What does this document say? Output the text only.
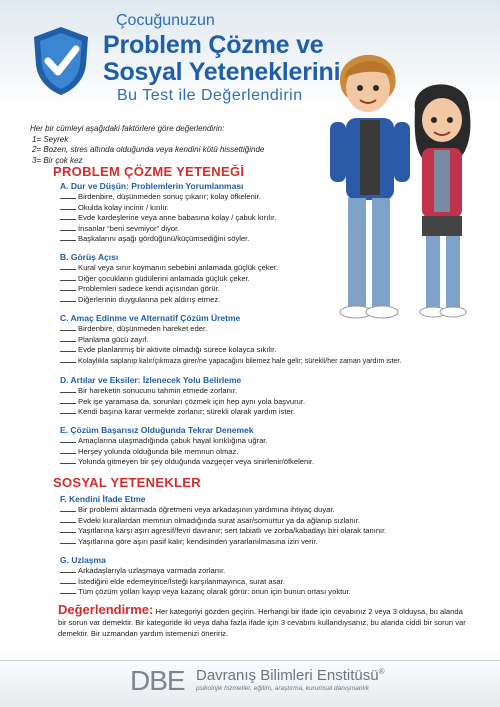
Çocuğunuzun
Problem Çözme ve
Sosyal Yeteneklerini
Bu Test ile Değerlendirin
Her bir cümleyi aşağıdaki faktörlere göre değerlendirin:
1= Seyrek
2= Bozen, stres altında olduğunda veya kendini kötü hissettiğinde
3= Bir çok kez
PROBLEM ÇÖZME YETENEĞİ
A. Dur ve Düşün: Problemlerin Yorumlanması
Birdenbire, düşünmeden sonuç çıkarır; kolay öfkelenir.
Okulda kolay incinir / kırılır.
Evde kardeşlerine veya anne babasına kolay / çabuk kırılır.
İnsanlar “beni sevmiyor” diyor.
Başkalarını aşağı gördüğünü/küçümsediğini söyler.
B. Görüş Açısı
Kural veya sınır koymanın sebebini anlamada güçlük çeker.
Diğer çocukların güdülerini anlamada güçlük çeker.
Problemleri sadece kendi açısından görür.
Diğerlerinin duygularına pek aldırış etmez.
C. Amaç Edinme ve Alternatif Çözüm Üretme
Birdenbire, düşünmeden hareket eder.
Planlama gücü zayıf.
Evde planlanmış bir aktivite olmadığı sürece kolayca sıkılır.
Kolaylıkla saplanıp kalır/çıkmaza girer/ne yapacağını bilemez hale gelir; sürekli/her zaman yardım ister.
D. Artılar ve Eksiler: İzlenecek Yolu Belirleme
Bir hareketin sonucunu tahmin etmede zorlanır.
Pek işe yaramasa da, sorunları çözmek için hep aynı yola başvurur.
Kendi başına karar vermekte zorlanır; sürekli olarak yardım ister.
E. Çözüm Başarısız Olduğunda Tekrar Denemek
Amaçlarına ulaşmadığında çabuk hayal kırıklığına uğrar.
Herşey yolunda olduğunda bile memnun olmaz.
Yolunda gitmeyen bir şey olduğunda vazgeçer veya sinirlenir/öfkelenir.
SOSYAL YETENEKLER
F. Kendini İfade Etme
Bir problemi aktarmada öğretmeni veya arkadaşının yardımına ihtiyaç duyar.
Evdeki kurallardan memnun olmadığında surat asar/somurtur ya da ağlanıp sızlanır.
Yaşıtlarına karşı aşırı agresif/fevri davranır; sert tabiatlı ve zorba/kabadayı biri olarak tanınır.
Yaşıtlarına göre aşırı pasif kalır; kendisinden yararlanılmasına izin verir.
G. Uzlaşma
Arkadaşlarıyla uzlaşmaya varmada zorlanır.
İstediğini elde edemeyince/İsteği karşılanmayınca, surat asar.
Tüm çözüm yolları kayıp veya kazanç olarak görür: onun için bunun ortası yoktur.
Değerlendirme: Her kategoriyi gözden geçirin. Herhangi bir ifade için cevabınız 2 veya 3 olduysa, bu alanda bir sorun var demektir. Bir kategoride iki veya daha fazla ifade için 3 cevabını kullandıysanız, bu alanda ciddi bir sorun var demektir. Bir uzmandan yardım istemenizi öneririz.
DBE Davranış Bilimleri Enstitüsü®
psikolojik hizmetler, eğitim, araştırma, kurumsal danışmanlık
